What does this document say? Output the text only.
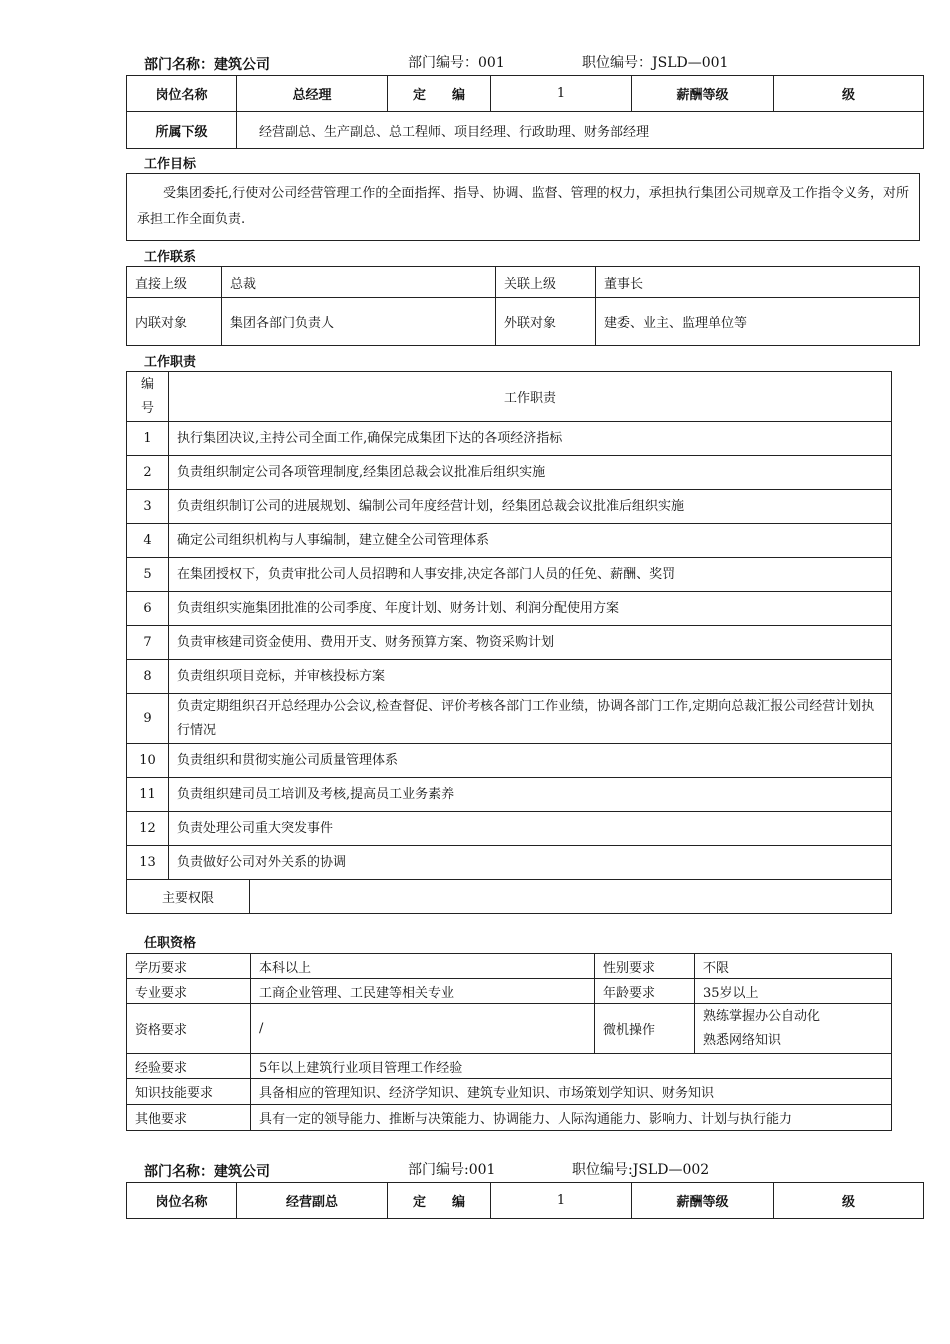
部门名称：建筑公司	部门编号：001	职位编号：JSLD—001
岗位名称	总经理	定　　编	1	薪酬等级	级
所属下级	经营副总、生产副总、总工程师、项目经理、行政助理、财务部经理				
工作目标
受集团委托,行使对公司经营管理工作的全面指挥、指导、协调、监督、管理的权力，承担执行集团公司规章及工作指令义务，对所承担工作全面负责.
工作联系
直接上级	总裁	关联上级	董事长
内联对象	集团各部门负责人	外联对象	建委、业主、监理单位等
工作职责
编
号	工作职责	
1	执行集团决议,主持公司全面工作,确保完成集团下达的各项经济指标	
2	负责组织制定公司各项管理制度,经集团总裁会议批准后组织实施	
3	负责组织制订公司的进展规划、编制公司年度经营计划，经集团总裁会议批准后组织实施	
4	确定公司组织机构与人事编制，建立健全公司管理体系	
5	在集团授权下，负责审批公司人员招聘和人事安排,决定各部门人员的任免、薪酬、奖罚	
6	负责组织实施集团批准的公司季度、年度计划、财务计划、利润分配使用方案	
7	负责审核建司资金使用、费用开支、财务预算方案、物资采购计划	
8	负责组织项目竞标，并审核投标方案	
9	负责定期组织召开总经理办公会议,检查督促、评价考核各部门工作业绩，协调各部门工作,定期向总裁汇报公司经营计划执行情况	
10	负责组织和贯彻实施公司质量管理体系	
11	负责组织建司员工培训及考核,提高员工业务素养	
12	负责处理公司重大突发事件	
13	负责做好公司对外关系的协调	
主要权限		
任职资格
学历要求	本科以上	性别要求	不限
专业要求	工商企业管理、工民建等相关专业	年龄要求	35岁以上
资格要求	/	微机操作	熟练掌握办公自动化
熟悉网络知识

经验要求	5年以上建筑行业项目管理工作经验		
知识技能要求	具备相应的管理知识、经济学知识、建筑专业知识、市场策划学知识、财务知识		
其他要求	具有一定的领导能力、推断与决策能力、协调能力、人际沟通能力、影响力、计划与执行能力		
部门名称：建筑公司	部门编号:001	职位编号:JSLD—002
岗位名称	经营副总	定　　编	1	薪酬等级	级
